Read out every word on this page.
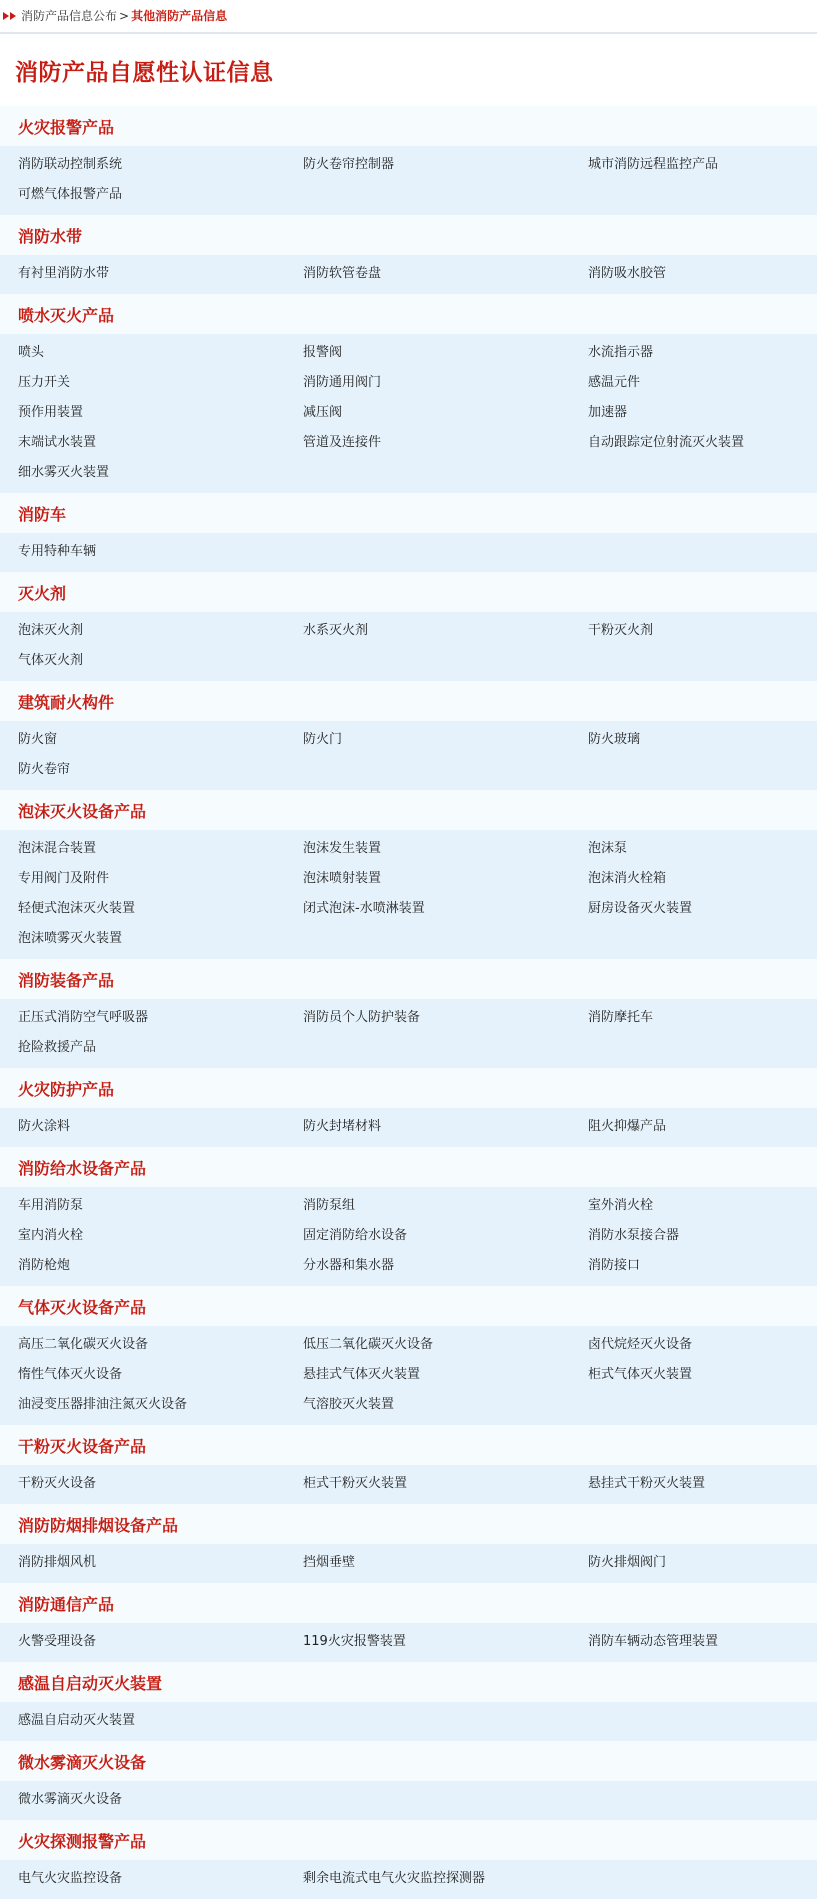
消防产品信息公布 > 其他消防产品信息
消防产品自愿性认证信息
火灾报警产品
消防联动控制系统	防火卷帘控制器	城市消防远程监控产品
可燃气体报警产品
消防水带
有衬里消防水带	消防软管卷盘	消防吸水胶管
喷水灭火产品
喷头	报警阀	水流指示器
压力开关	消防通用阀门	感温元件
预作用装置	减压阀	加速器
末端试水装置	管道及连接件	自动跟踪定位射流灭火装置
细水雾灭火装置
消防车
专用特种车辆
灭火剂
泡沫灭火剂	水系灭火剂	干粉灭火剂
气体灭火剂
建筑耐火构件
防火窗	防火门	防火玻璃
防火卷帘
泡沫灭火设备产品
泡沫混合装置	泡沫发生装置	泡沫泵
专用阀门及附件	泡沫喷射装置	泡沫消火栓箱
轻便式泡沫灭火装置	闭式泡沫-水喷淋装置	厨房设备灭火装置
泡沫喷雾灭火装置
消防装备产品
正压式消防空气呼吸器	消防员个人防护装备	消防摩托车
抢险救援产品
火灾防护产品
防火涂料	防火封堵材料	阻火抑爆产品
消防给水设备产品
车用消防泵	消防泵组	室外消火栓
室内消火栓	固定消防给水设备	消防水泵接合器
消防枪炮	分水器和集水器	消防接口
气体灭火设备产品
高压二氧化碳灭火设备	低压二氧化碳灭火设备	卤代烷烃灭火设备
惰性气体灭火设备	悬挂式气体灭火装置	柜式气体灭火装置
油浸变压器排油注氮灭火设备	气溶胶灭火装置
干粉灭火设备产品
干粉灭火设备	柜式干粉灭火装置	悬挂式干粉灭火装置
消防防烟排烟设备产品
消防排烟风机	挡烟垂壁	防火排烟阀门
消防通信产品
火警受理设备	119火灾报警装置	消防车辆动态管理装置
感温自启动灭火装置
感温自启动灭火装置
微水雾滴灭火设备
微水雾滴灭火设备
火灾探测报警产品
电气火灾监控设备	剩余电流式电气火灾监控探测器
